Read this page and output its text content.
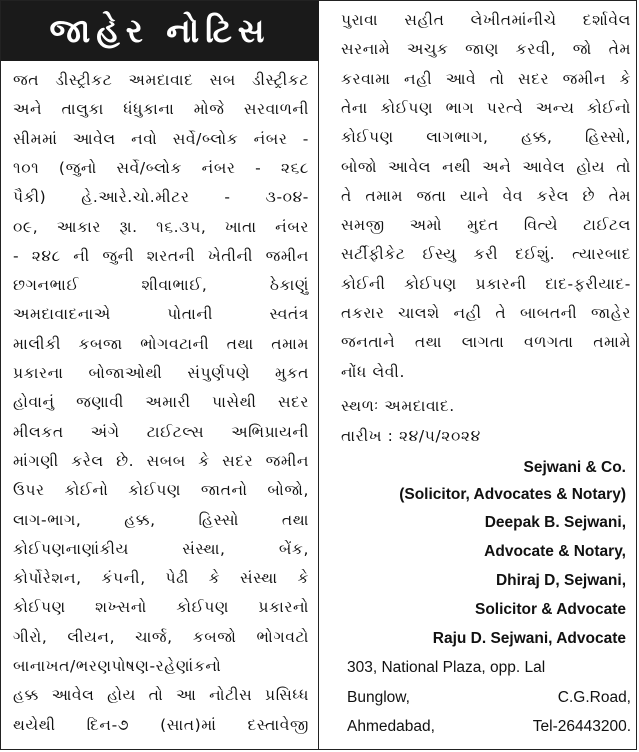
જાહેર નોટિસ
જત ડીસ્ટ્રીકટ અમદાવાદ સબ ડીસ્ટ્રીકટ
અને તાલુકા ધંધુકાના મોજે સરવાળની
સીમમાં આવેલ નવો સર્વે/બ્લોક નંબર -
૧૦૧ (જુનો સર્વે/બ્લોક નંબર - ૨૬૮
પૈકી) હે.આરે.ચો.મીટર - ૩-૦૪-
૦૯, આકાર રૂા. ૧૬.૩૫, ખાતા નંબર
- ૨૪૮ ની જુની શરતની ખેતીની જમીન
છગનભાઈ શીવાભાઈ, ઠેકાણું
અમદાવાદનાએ પોતાની સ્વતંત્ર
માલીકી કબજા ભોગવટાની તથા તમામ
પ્રકારના બોજાઓથી સંપુર્ણપણે મુકત
હોવાનું જણાવી અમારી પાસેથી સદર
મીલકત અંગે ટાઈટલ્સ અભિપ્રાયની
માંગણી કરેલ છે. સબબ કે સદર જમીન
ઉપર કોઈનો કોઈપણ જાતનો બોજો,
લાગ-ભાગ, હક્ક, હિસ્સો તથા
કોઈપણનાણાંકીય સંસ્થા, બેંક,
કોર્પોરેશન, કંપની, પેઢી કે સંસ્થા કે
કોઈપણ શખ્સનો કોઈપણ પ્રકારનો
ગીરો, લીયન, ચાર્જ, કબજો ભોગવટો
બાનાખત/ભરણપોષણ-રહેણાંકનો
હક્ક આવેલ હોય તો આ નોટીસ પ્રસિધ્ધ
થયેથી દિન-૭ (સાત)માં દસ્તાવેજી
પુરાવા સહીત લેખીતમાંનીચે દર્શાવેલ
સરનામે અચુક જાણ કરવી, જો તેમ
કરવામા નહી આવે તો સદર જમીન કે
તેના કોઈપણ ભાગ પરત્વે અન્ય કોઈનો
કોઈપણ લાગભાગ, હક્ક, હિસ્સો,
બોજો આવેલ નથી અને આવેલ હોય તો
તે તમામ જતા યાને વેવ કરેલ છે તેમ
સમજી અમો મુદત વિત્યે ટાઈટલ
સર્ટીફીકેટ ઈસ્યુ કરી દઈશું. ત્યારબાદ
કોઈની કોઈપણ પ્રકારની દાદ-ફરીયાદ-
તકરાર ચાલશે નહી તે બાબતની જાહેર
જનતાને તથા લાગતા વળગતા તમામે
નોંધ લેવી.
સ્થળઃ અમદાવાદ.
તારીખ : ૨૪/૫/૨૦૨૪
Sejwani & Co.
(Solicitor, Advocates & Notary)
Deepak B. Sejwani,
Advocate & Notary,
Dhiraj D, Sejwani,
Solicitor & Advocate
Raju D. Sejwani, Advocate
303, National Plaza, opp. Lal
Bunglow,	C.G.Road,
Ahmedabad,	Tel-26443200.
